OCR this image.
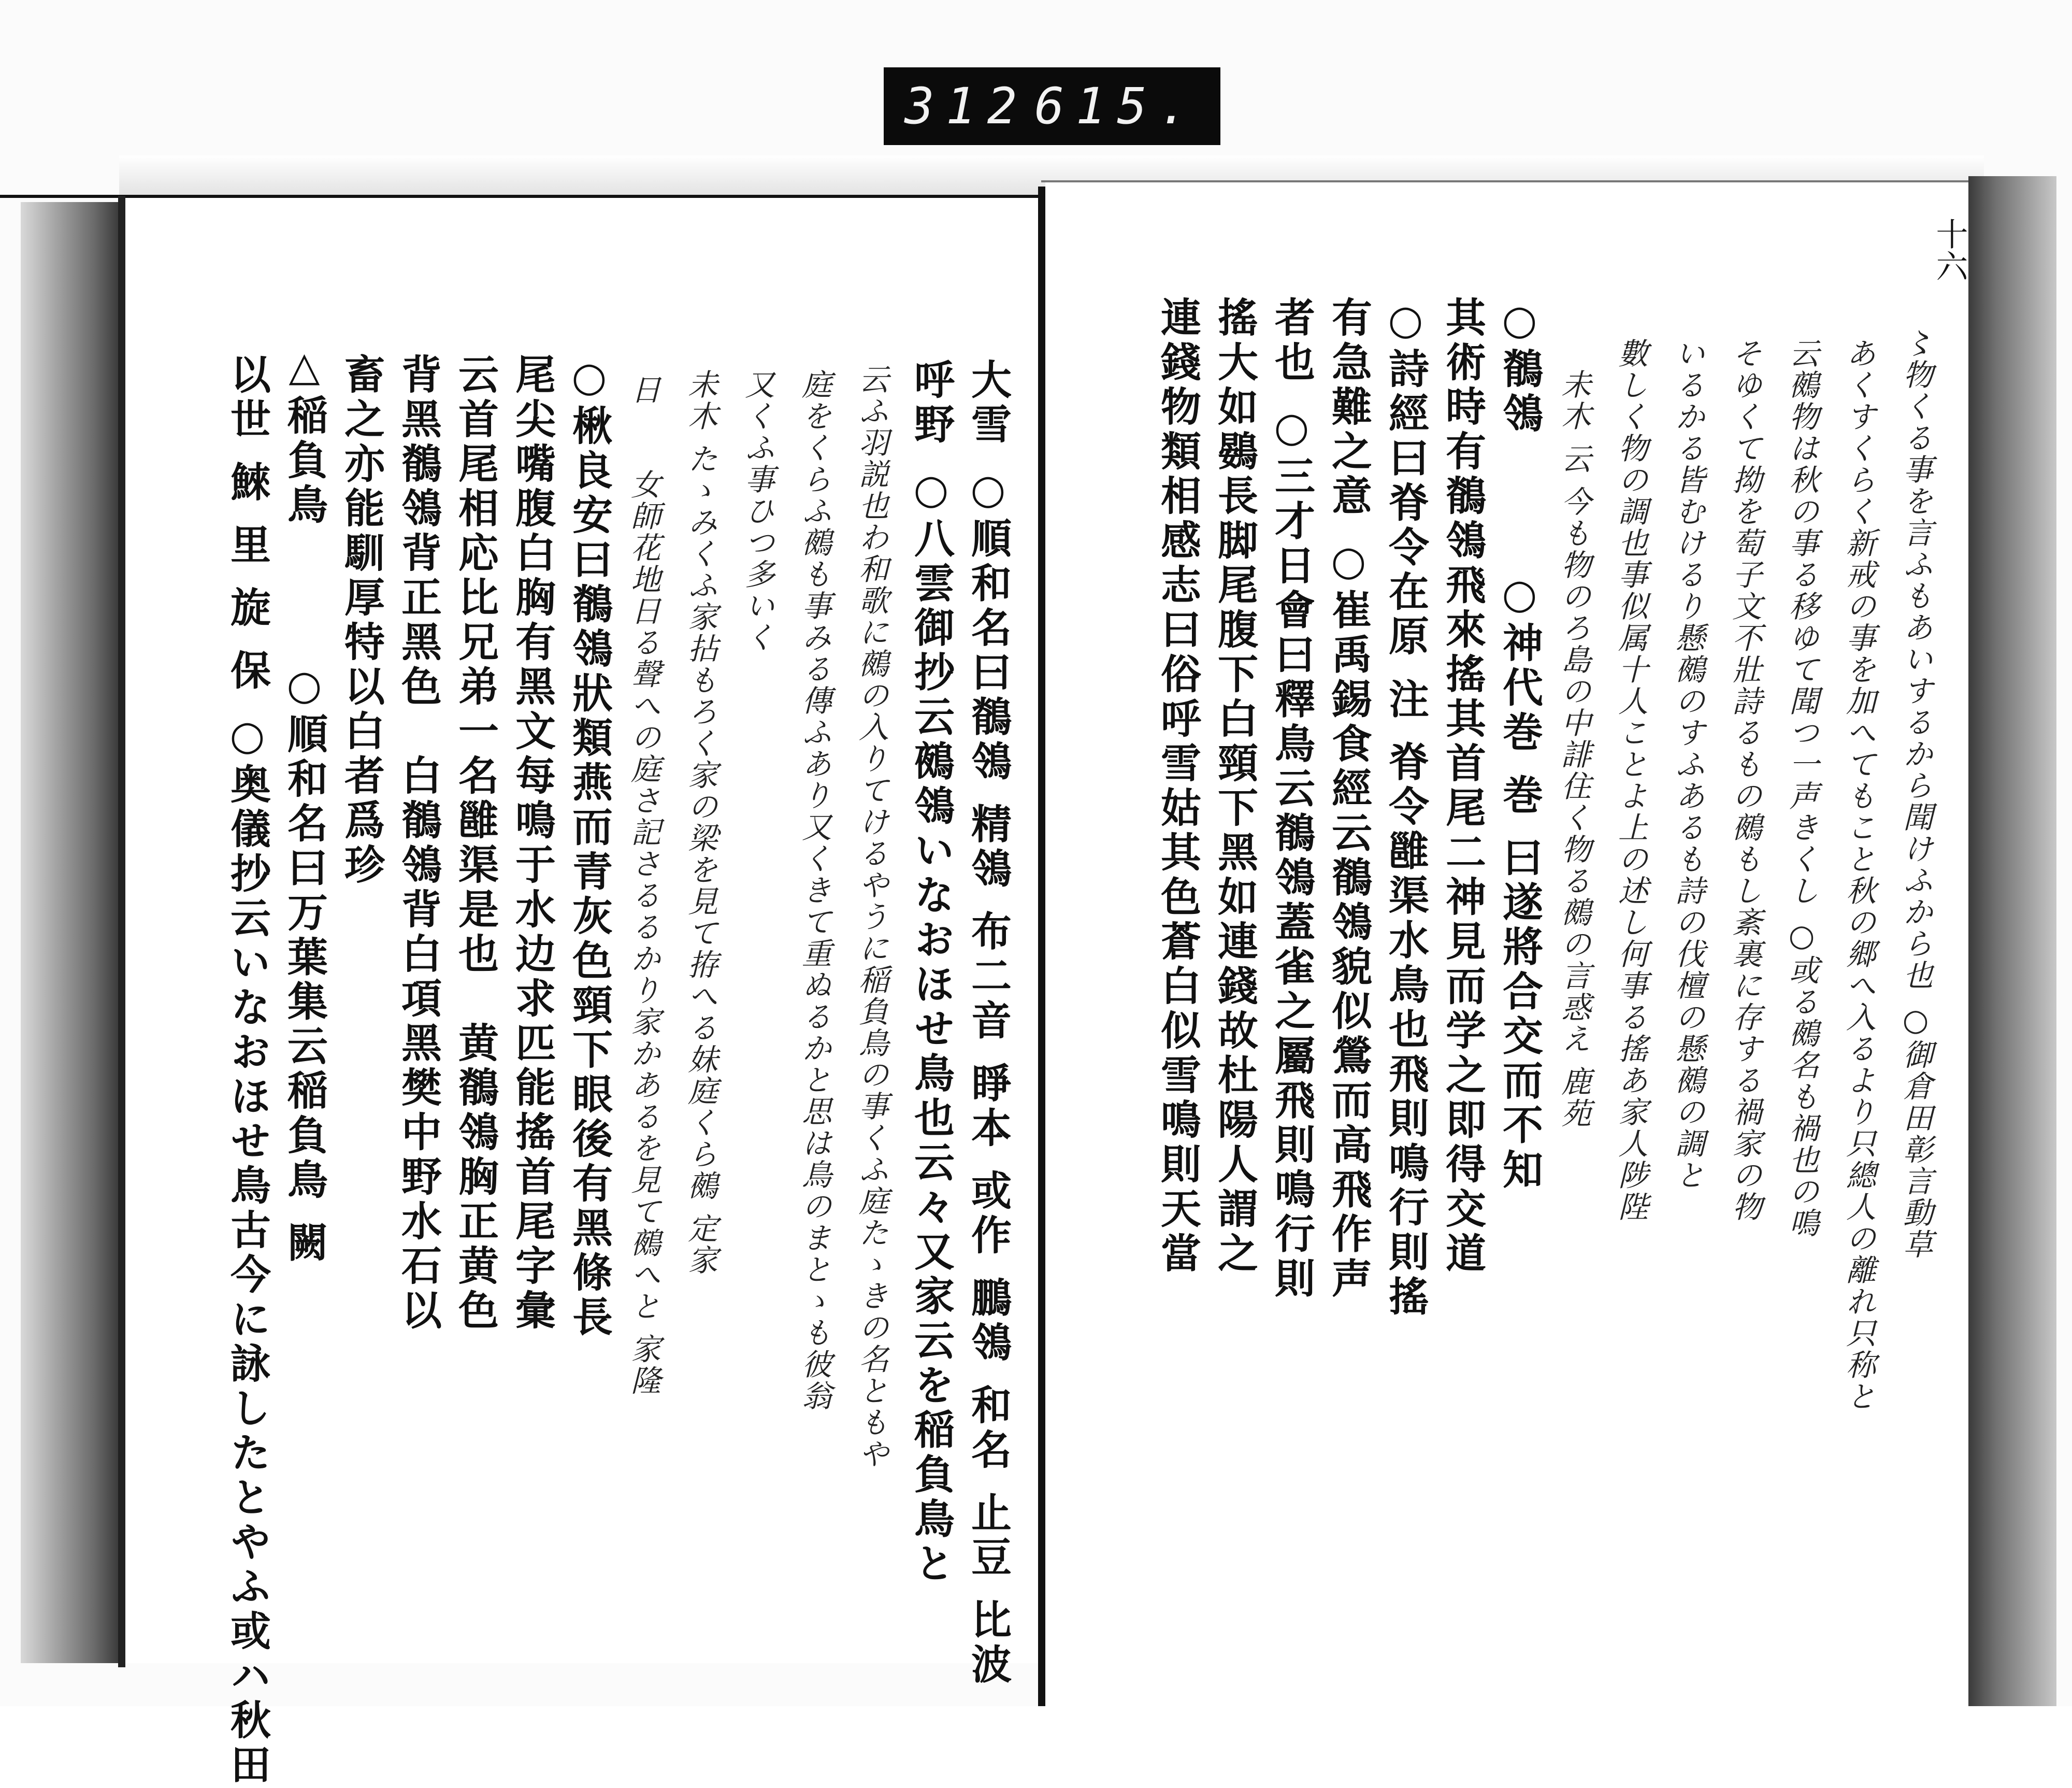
大雪 ○順和名曰鶺鴒 精鴒 布二音 睜本 或作 鵬鴒 和名 止豆 比波
呼野 ○八雲御抄云鵺鴒いなおほせ鳥也云々又家云を稲負鳥と
云ふ羽説也わ和歌に鵺の入りてけるやうに稲負鳥の事くふ庭たゝきの名ともや
庭をくらふ鵺も事みる傳ふあり又くきて重ぬるかと思は鳥のまとゝも彼翁
又くふ事ひつ多いく
未木 たゝみくふ家拈もろく家の梁を見て拵へる妹庭くら鵺 定家
日　　女師花地日る聲への庭さ記さるるかり家かあるを見て鵺へと 家隆
○楸良安曰鶺鴒狀類燕而青灰色頸下眼後有黑條長
尾尖嘴腹白胸有黑文每鳴于水边求匹能搖首尾字彙
云首尾相応比兄弟一名雝渠是也　黄鶺鴒胸正黄色
背黑鶺鴒背正黑色　白鶺鴒背白項黑樊中野水石以
畜之亦能馴厚特以白者爲珍
△稲負鳥　　　○順和名曰万葉集云稲負鳥 闕
以世 鯠 里 旋 保 ○奥儀抄云いなおほせ鳥古今に詠したとやふ或ハ秋田	〻物くる事を言ふもあいするから聞けふから也 ○御倉田彰言動草
あくすくらく新戒の事を加へてもこと秋の郷へ入るより只總人の離れ只称と
云鵺物は秋の事る移ゆて聞つ一声きくし ○或る鵺名も禍也の鳴
そゆくて拗を萄子文不壯詩るもの鵺もし紊裏に存する禍家の物
いるかる皆むけるり懸鵺のすふあるも詩の伐檀の懸鵺の調と
數しく物の調也事似属十人ことよ上の述し何事る搖あ家人陟陛
未木 云 今も物のろ島の中誹住く物る鵺の言惑え 鹿苑
○鶺鴒　　　○神代巻 巻 曰遂將合交而不知
其術時有鶺鴒飛來搖其首尾二神見而学之即得交道
○詩經曰脊令在原 注 脊令雝渠水鳥也飛則鳴行則搖
有急難之意 ○崔禹錫食經云鶺鴒貌似鶯而高飛作声
者也 ○三才日會曰釋鳥云鶺鴒蓋雀之屬飛則鳴行則
搖大如鷃長脚尾腹下白頸下黑如連錢故杜陽人謂之
連錢物類相感志曰俗呼雪姑其色蒼白似雪鳴則天當
312 615.
十六
